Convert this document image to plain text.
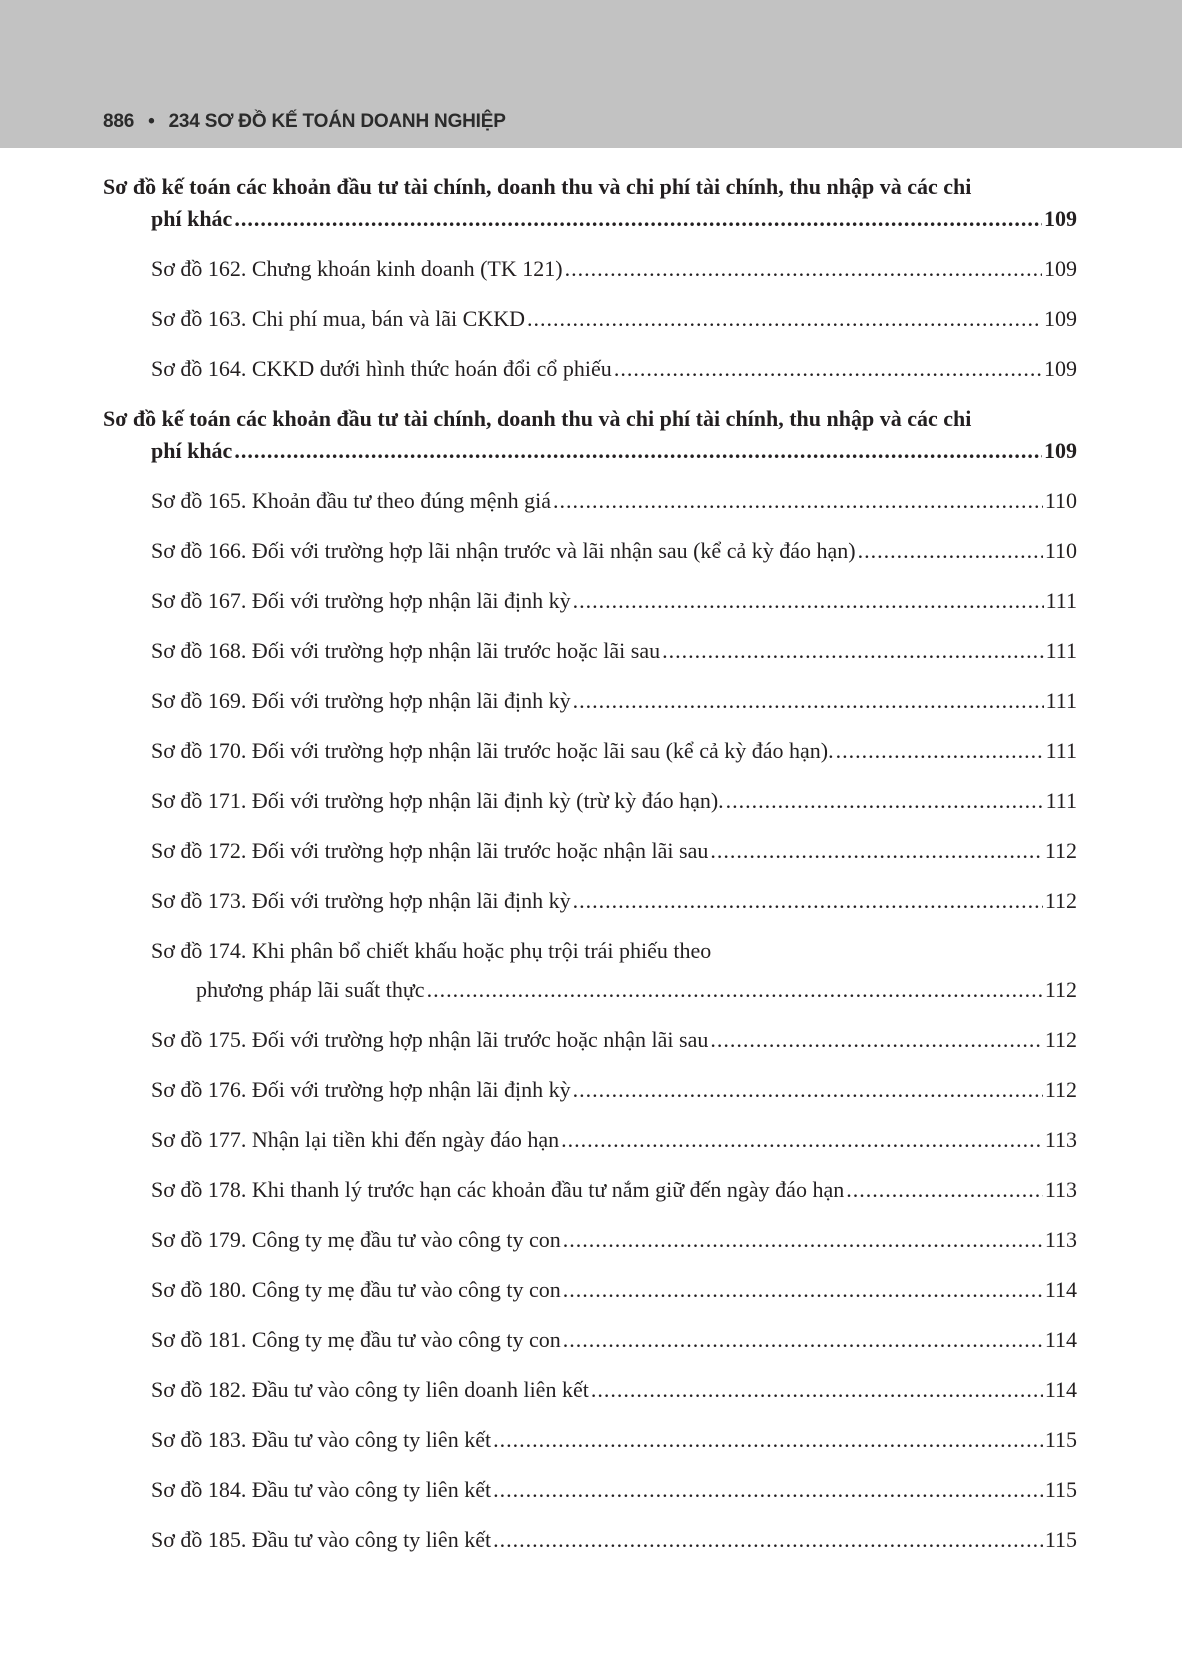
886 • 234 SƠ ĐỒ KẾ TOÁN DOANH NGHIỆP
Sơ đồ kế toán các khoản đầu tư tài chính, doanh thu và chi phí tài chính, thu nhập và các chi
phí khác .....	109
Sơ đồ 162. Chưng khoán kinh doanh (TK 121) .....	109
Sơ đồ 163. Chi phí mua, bán và lãi CKKD .....	109
Sơ đồ 164. CKKD dưới hình thức hoán đổi cổ phiếu .....	109
Sơ đồ kế toán các khoản đầu tư tài chính, doanh thu và chi phí tài chính, thu nhập và các chi
phí khác .....	109
Sơ đồ 165. Khoản đầu tư theo đúng mệnh giá .....	110
Sơ đồ 166. Đối với trường hợp lãi nhận trước và lãi nhận sau (kể cả kỳ đáo hạn) .....	110
Sơ đồ 167. Đối với trường hợp nhận lãi định kỳ .....	111
Sơ đồ 168. Đối với trường hợp nhận lãi trước hoặc lãi sau .....	111
Sơ đồ 169. Đối với trường hợp nhận lãi định kỳ .....	111
Sơ đồ 170. Đối với trường hợp nhận lãi trước hoặc lãi sau (kể cả kỳ đáo hạn). .....	111
Sơ đồ 171. Đối với trường hợp nhận lãi định kỳ (trừ kỳ đáo hạn). .....	111
Sơ đồ 172. Đối với trường hợp nhận lãi trước hoặc nhận lãi sau .....	112
Sơ đồ 173. Đối với trường hợp nhận lãi định kỳ .....	112
Sơ đồ 174. Khi phân bổ chiết khấu hoặc phụ trội trái phiếu theo
phương pháp lãi suất thực .....	112
Sơ đồ 175. Đối với trường hợp nhận lãi trước hoặc nhận lãi sau .....	112
Sơ đồ 176. Đối với trường hợp nhận lãi định kỳ .....	112
Sơ đồ 177. Nhận lại tiền khi đến ngày đáo hạn .....	113
Sơ đồ 178. Khi thanh lý trước hạn các khoản đầu tư nắm giữ đến ngày đáo hạn .....	113
Sơ đồ 179. Công ty mẹ đầu tư vào công ty con .....	113
Sơ đồ 180. Công ty mẹ đầu tư vào công ty con .....	114
Sơ đồ 181. Công ty mẹ đầu tư vào công ty con .....	114
Sơ đồ 182. Đầu tư vào công ty liên doanh liên kết .....	114
Sơ đồ 183. Đầu tư vào công ty liên kết .....	115
Sơ đồ 184. Đầu tư vào công ty liên kết .....	115
Sơ đồ 185. Đầu tư vào công ty liên kết .....	115
